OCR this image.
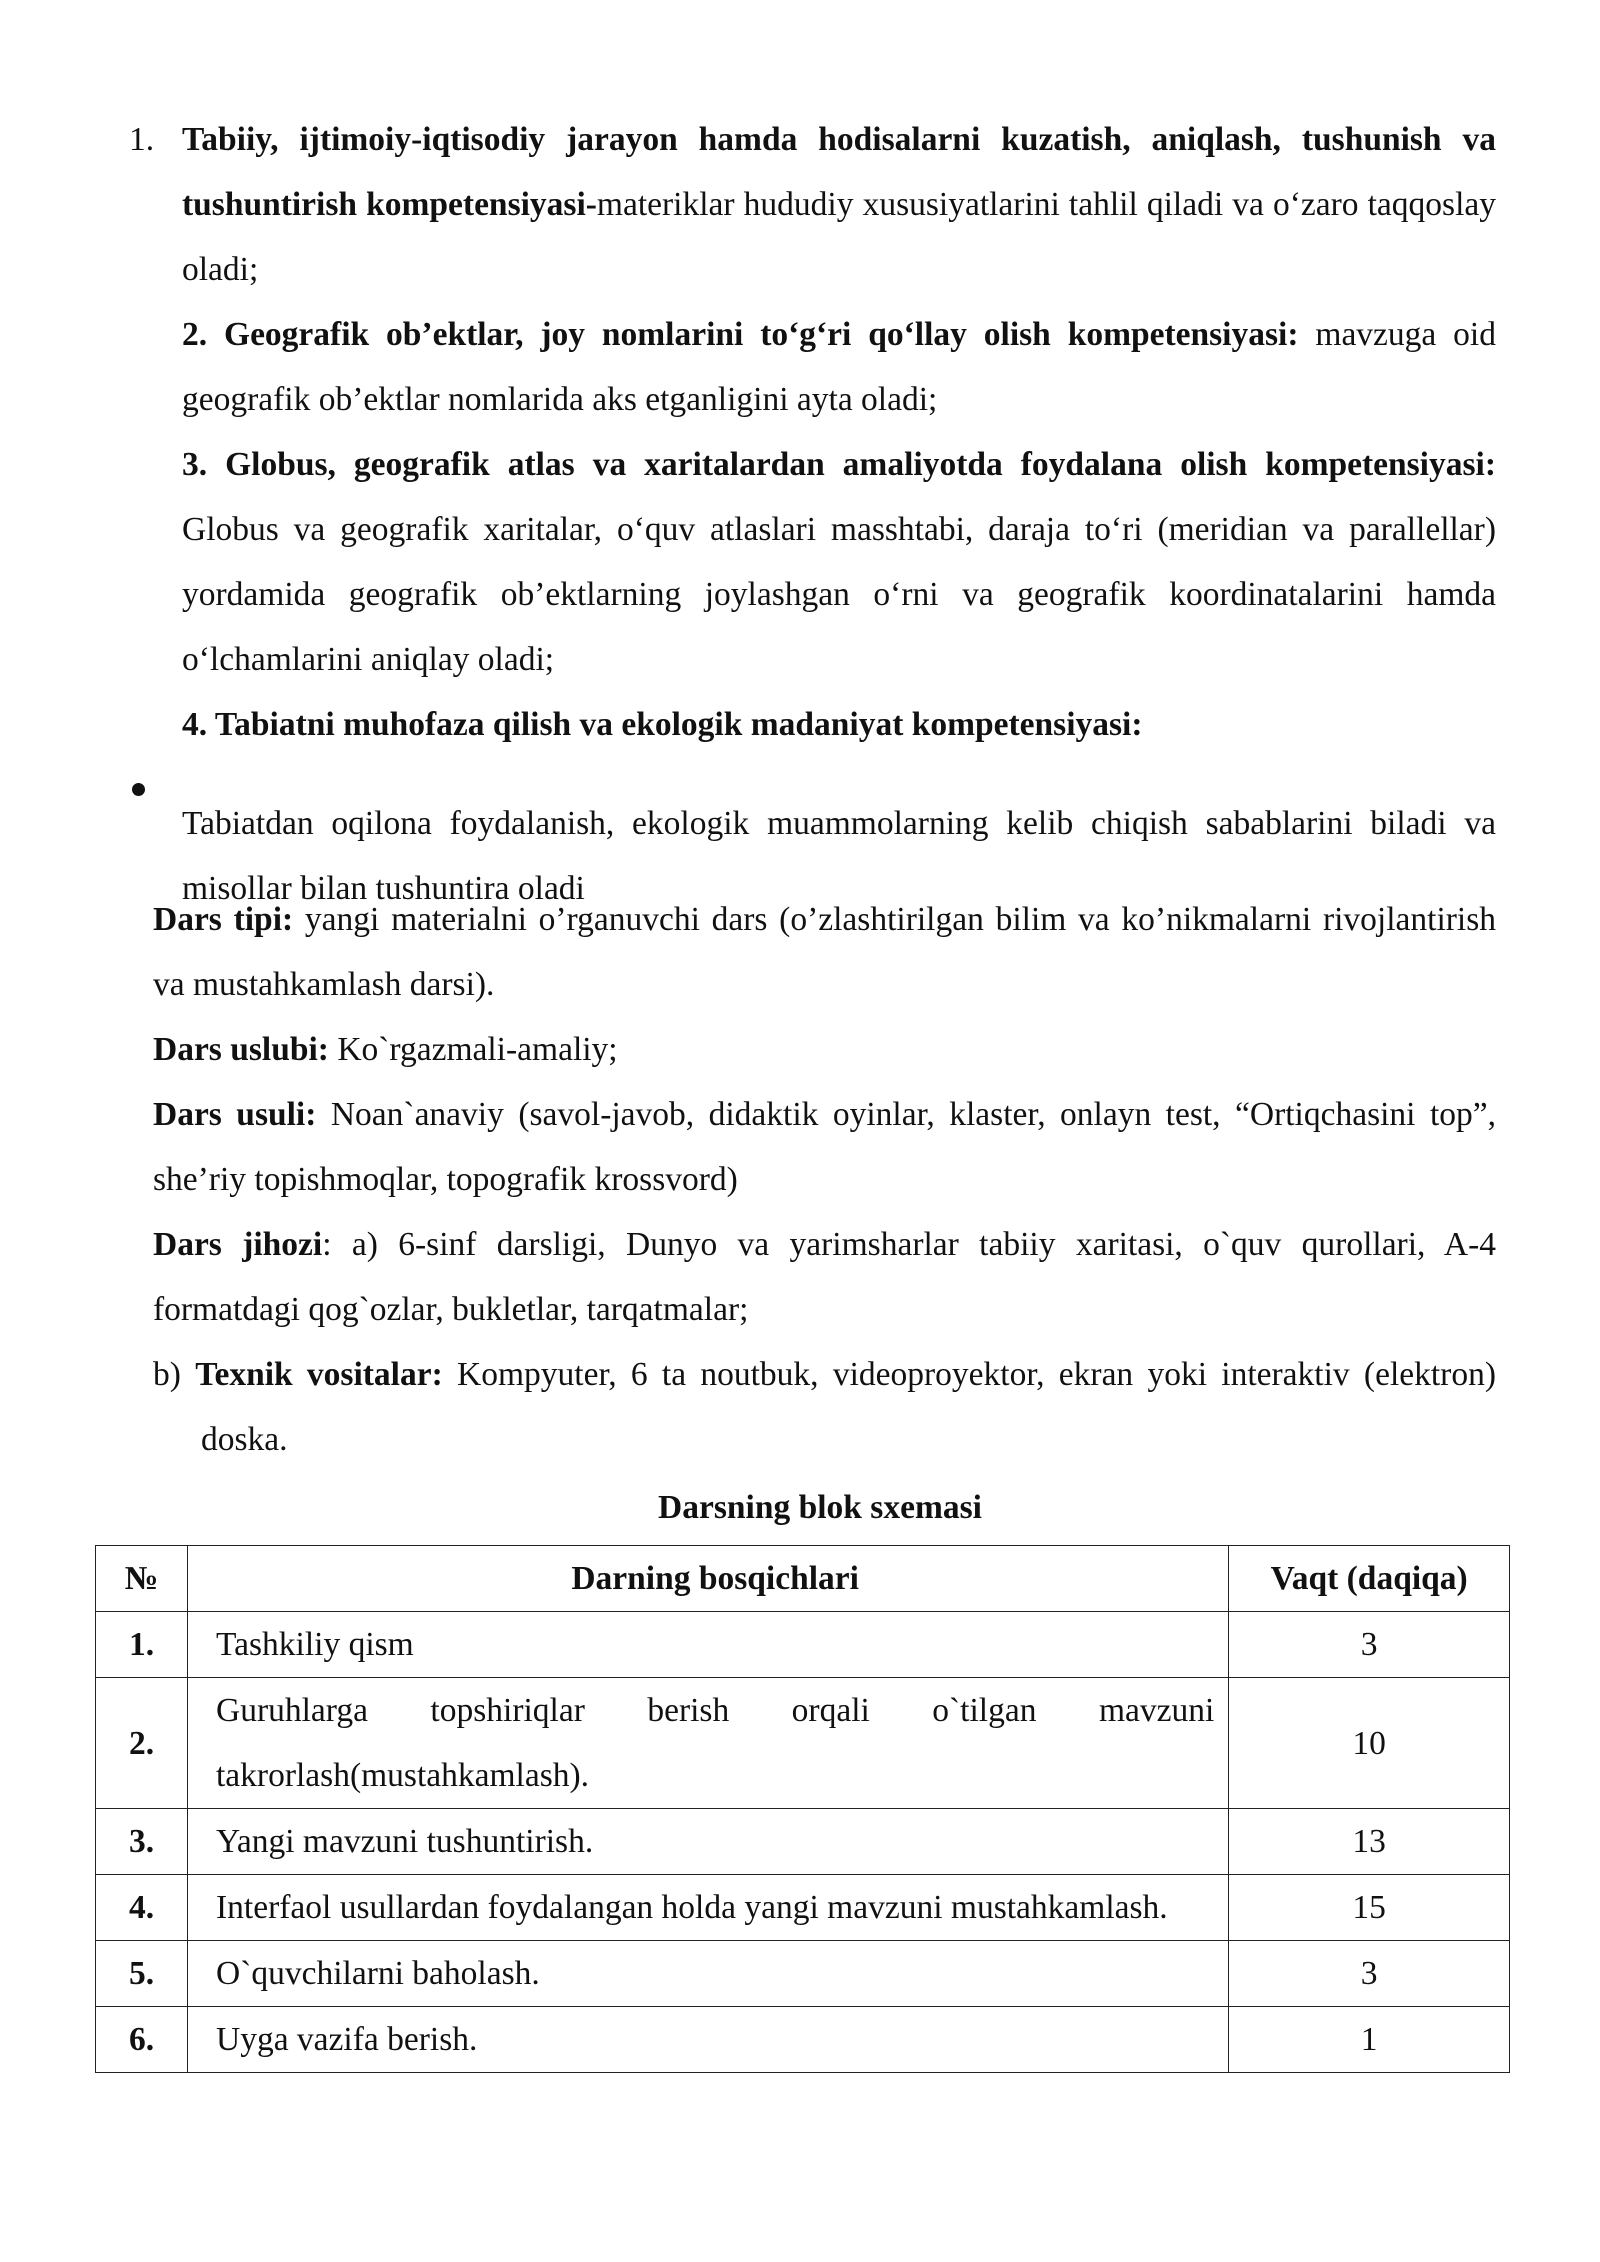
1. Tabiiy, ijtimoiy-iqtisodiy jarayon hamda hodisalarni kuzatish, aniqlash, tushunish va tushuntirish kompetensiyasi-materiklar hududiy xususiyatlarini tahlil qiladi va o‘zaro taqqoslay oladi;

2. Geografik ob’ektlar, joy nomlarini to‘g‘ri qo‘llay olish kompetensiyasi: mavzuga oid geografik ob’ektlar nomlarida aks etganligini ayta oladi;

3. Globus, geografik atlas va xaritalardan amaliyotda foydalana olish kompetensiyasi: Globus va geografik xaritalar, o‘quv atlaslari masshtabi, daraja to‘ri (meridian va parallellar) yordamida geografik ob’ektlarning joylashgan o‘rni va geografik koordinatalarini hamda o‘lchamlarini aniqlay oladi;

4. Tabiatni muhofaza qilish va ekologik madaniyat kompetensiyasi:

Tabiatdan oqilona foydalanish, ekologik muammolarning kelib chiqish sabablarini biladi va misollar bilan tushuntira oladi

Dars tipi: yangi materialni o’rganuvchi dars (o’zlashtirilgan bilim va ko’nikmalarni rivojlantirish va mustahkamlash darsi).

Dars uslubi: Ko`rgazmali-amaliy;

Dars usuli: Noan`anaviy (savol-javob, didaktik oyinlar, klaster, onlayn test, “Ortiqchasini top”, she’riy topishmoqlar, topografik krossvord)

Dars jihozi: a) 6-sinf darsligi, Dunyo va yarimsharlar tabiiy xaritasi, o`quv qurollari, A-4 formatdagi qog`ozlar, bukletlar, tarqatmalar;

b) Texnik vositalar: Kompyuter, 6 ta noutbuk, videoproyektor, ekran yoki interaktiv (elektron) doska.
Darsning blok sxemasi
№	Darning bosqichlari	Vaqt (daqiqa)
1.	Tashkiliy qism	3
2.	Guruhlarga topshiriqlar berish orqali o`tilgan mavzuni takrorlash(mustahkamlash).	10
3.	Yangi mavzuni tushuntirish.	13
4.	Interfaol usullardan foydalangan holda yangi mavzuni mustahkamlash.	15
5.	O`quvchilarni baholash.	3
6.	Uyga vazifa berish.	1
